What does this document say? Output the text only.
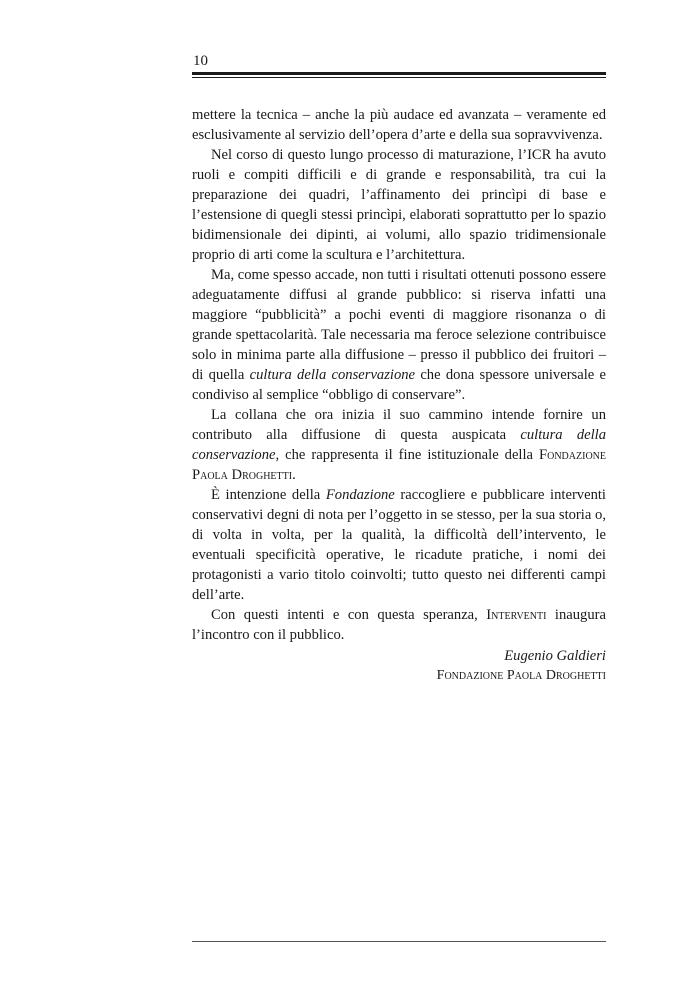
10

mettere la tecnica – anche la più audace ed avanzata – veramente ed esclusivamente al servizio dell’opera d’arte e della sua sopravvivenza.

Nel corso di questo lungo processo di maturazione, l’ICR ha avuto ruoli e compiti difficili e di grande e responsabilità, tra cui la preparazione dei quadri, l’affinamento dei princìpi di base e l’estensione di quegli stessi princìpi, elaborati soprattutto per lo spazio bidimensionale dei dipinti, ai volumi, allo spazio tridimensionale proprio di arti come la scultura e l’architettura.

Ma, come spesso accade, non tutti i risultati ottenuti possono essere adeguatamente diffusi al grande pubblico: si riserva infatti una maggiore “pubblicità” a pochi eventi di maggiore risonanza o di grande spettacolarità. Tale necessaria ma feroce selezione contribuisce solo in minima parte alla diffusione – presso il pubblico dei fruitori – di quella cultura della conservazione che dona spessore universale e condiviso al semplice “obbligo di conservare”.

La collana che ora inizia il suo cammino intende fornire un contributo alla diffusione di questa auspicata cultura della conservazione, che rappresenta il fine istituzionale della Fondazione Paola Droghetti.

È intenzione della Fondazione raccogliere e pubblicare interventi conservativi degni di nota per l’oggetto in se stesso, per la sua storia o, di volta in volta, per la qualità, la difficoltà dell’intervento, le eventuali specificità operative, le ricadute pratiche, i nomi dei protagonisti a vario titolo coinvolti; tutto questo nei differenti campi dell’arte.

Con questi intenti e con questa speranza, Interventi inaugura l’incontro con il pubblico.

Eugenio Galdieri
Fondazione Paola Droghetti
